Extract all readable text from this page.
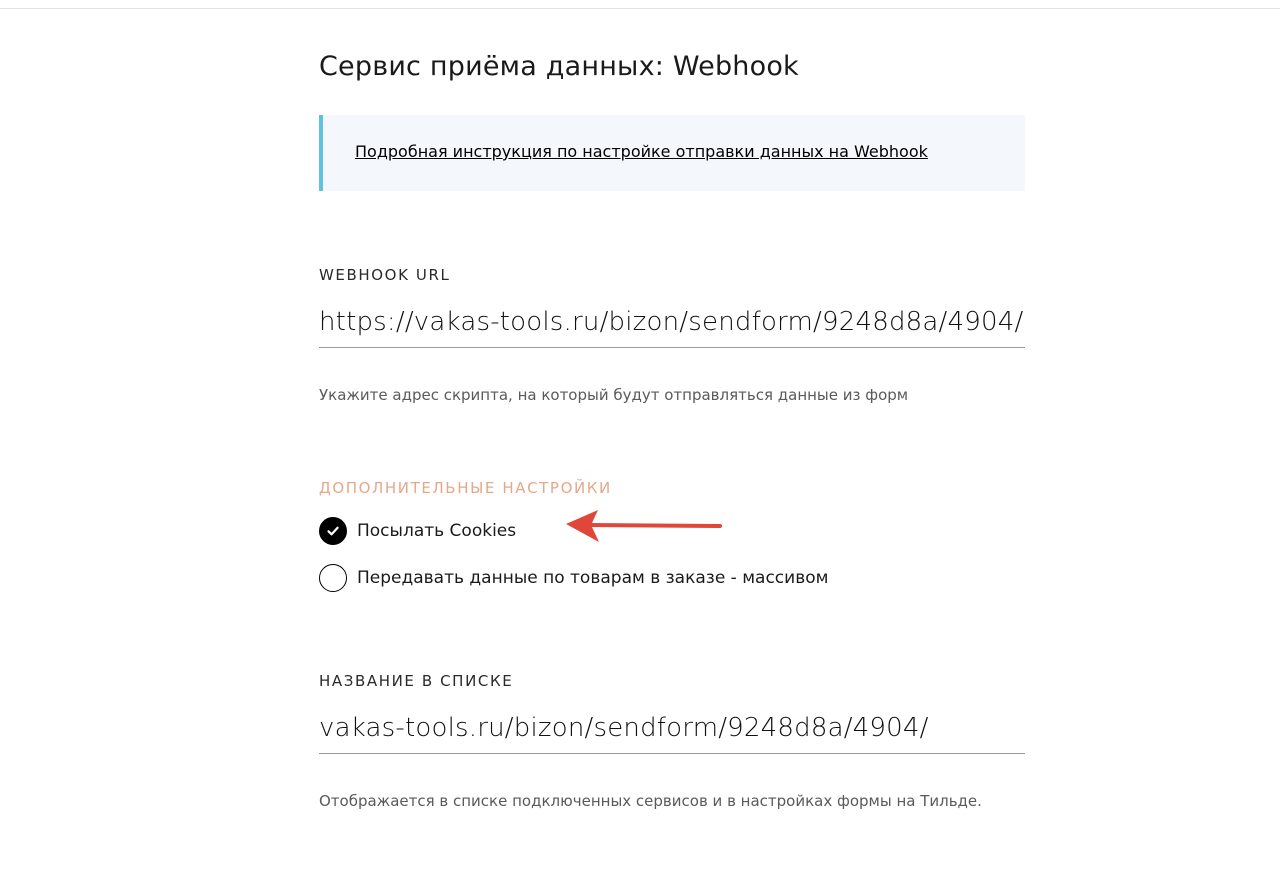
Сервис приёма данных: Webhook
Подробная инструкция по настройке отправки данных на Webhook
WEBHOOK URL
https://vakas-tools.ru/bizon/sendform/9248d8a/4904/
Укажите адрес скрипта, на который будут отправляться данные из форм
ДОПОЛНИТЕЛЬНЫЕ НАСТРОЙКИ
Посылать Cookies
Передавать данные по товарам в заказе - массивом
НАЗВАНИЕ В СПИСКЕ
vakas-tools.ru/bizon/sendform/9248d8a/4904/
Отображается в списке подключенных сервисов и в настройках формы на Тильде.
